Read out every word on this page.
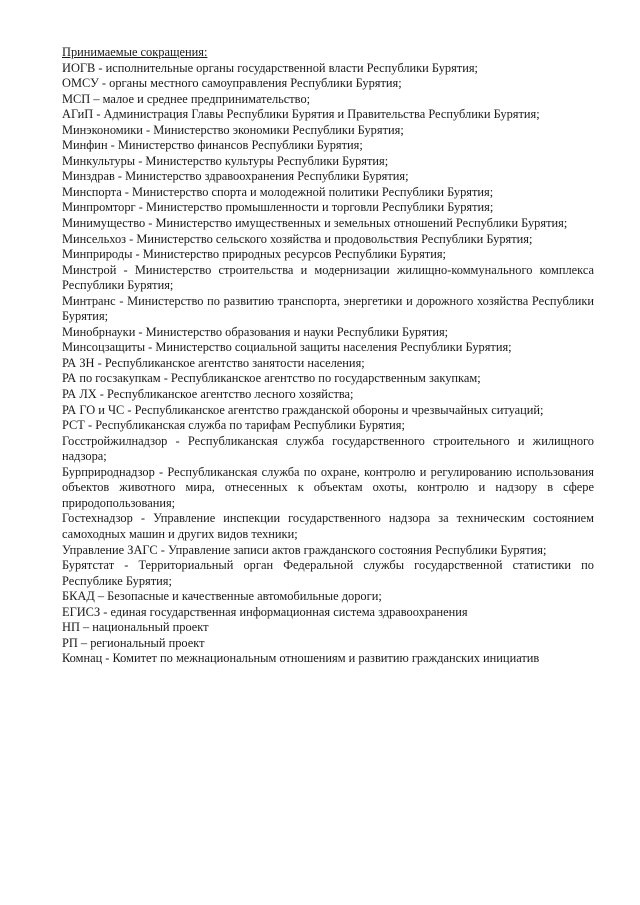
Принимаемые сокращения:
ИОГВ - исполнительные органы государственной власти Республики Бурятия;
ОМСУ - органы местного самоуправления Республики Бурятия;
МСП – малое и среднее предпринимательство;
АГиП - Администрация Главы Республики Бурятия и Правительства Республики Бурятия;
Минэкономики - Министерство экономики Республики Бурятия;
Минфин - Министерство финансов Республики Бурятия;
Минкультуры - Министерство культуры Республики Бурятия;
Минздрав - Министерство здравоохранения Республики Бурятия;
Минспорта - Министерство спорта и молодежной политики Республики Бурятия;
Минпромторг - Министерство промышленности и торговли Республики Бурятия;
Минимущество - Министерство имущественных и земельных отношений Республики Бурятия;
Минсельхоз - Министерство сельского хозяйства и продовольствия Республики Бурятия;
Минприроды - Министерство природных ресурсов Республики Бурятия;
Минстрой - Министерство строительства и модернизации жилищно-коммунального комплекса Республики Бурятия;
Минтранс - Министерство по развитию транспорта, энергетики и дорожного хозяйства Республики Бурятия;
Минобрнауки - Министерство образования и науки Республики Бурятия;
Минсоцзащиты - Министерство социальной защиты населения Республики Бурятия;
РА ЗН - Республиканское агентство занятости населения;
РА по госзакупкам - Республиканское агентство по государственным закупкам;
РА ЛХ - Республиканское агентство лесного хозяйства;
РА ГО и ЧС - Республиканское агентство гражданской обороны и чрезвычайных ситуаций;
РСТ - Республиканская служба по тарифам Республики Бурятия;
Госстройжилнадзор - Республиканская служба государственного строительного и жилищного надзора;
Бурприроднадзор - Республиканская служба по охране, контролю и регулированию использования объектов животного мира, отнесенных к объектам охоты, контролю и надзору в сфере природопользования;
Гостехнадзор - Управление инспекции государственного надзора за техническим состоянием самоходных машин и других видов техники;
Управление ЗАГС - Управление записи актов гражданского состояния Республики Бурятия;
Бурятстат - Территориальный орган Федеральной службы государственной статистики по Республике Бурятия;
БКАД – Безопасные и качественные автомобильные дороги;
ЕГИСЗ - единая государственная информационная система здравоохранения
НП – национальный проект
РП – региональный проект
Комнац - Комитет по межнациональным отношениям и развитию гражданских инициатив
